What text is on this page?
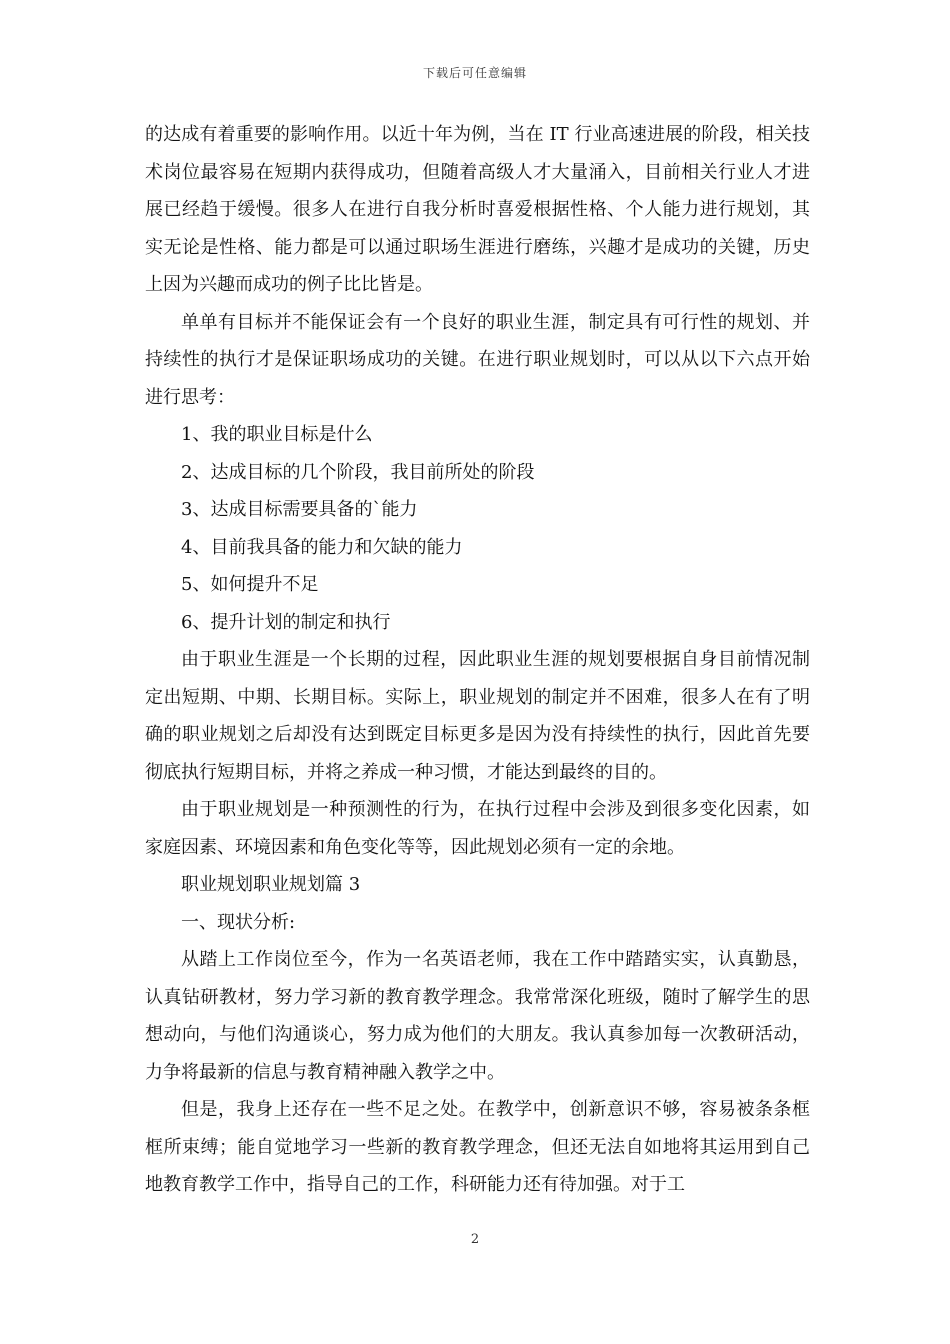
下载后可任意编辑

的达成有着重要的影响作用。以近十年为例，当在 IT 行业高速进展的阶段，相关技术岗位最容易在短期内获得成功，但随着高级人才大量涌入，目前相关行业人才进展已经趋于缓慢。很多人在进行自我分析时喜爱根据性格、个人能力进行规划，其实无论是性格、能力都是可以通过职场生涯进行磨练，兴趣才是成功的关键，历史上因为兴趣而成功的例子比比皆是。

单单有目标并不能保证会有一个良好的职业生涯，制定具有可行性的规划、并持续性的执行才是保证职场成功的关键。在进行职业规划时，可以从以下六点开始进行思考：

1、我的职业目标是什么

2、达成目标的几个阶段，我目前所处的阶段

3、达成目标需要具备的`能力

4、目前我具备的能力和欠缺的能力

5、如何提升不足

6、提升计划的制定和执行

由于职业生涯是一个长期的过程，因此职业生涯的规划要根据自身目前情况制定出短期、中期、长期目标。实际上，职业规划的制定并不困难，很多人在有了明确的职业规划之后却没有达到既定目标更多是因为没有持续性的执行，因此首先要彻底执行短期目标，并将之养成一种习惯，才能达到最终的目的。

由于职业规划是一种预测性的行为，在执行过程中会涉及到很多变化因素，如家庭因素、环境因素和角色变化等等，因此规划必须有一定的余地。

职业规划职业规划篇 3

一、现状分析:

从踏上工作岗位至今，作为一名英语老师，我在工作中踏踏实实，认真勤恳，认真钻研教材，努力学习新的教育教学理念。我常常深化班级，随时了解学生的思想动向，与他们沟通谈心，努力成为他们的大朋友。我认真参加每一次教研活动，力争将最新的信息与教育精神融入教学之中。

但是，我身上还存在一些不足之处。在教学中，创新意识不够，容易被条条框框所束缚；能自觉地学习一些新的教育教学理念，但还无法自如地将其运用到自己地教育教学工作中，指导自己的工作，科研能力还有待加强。对于工

2
